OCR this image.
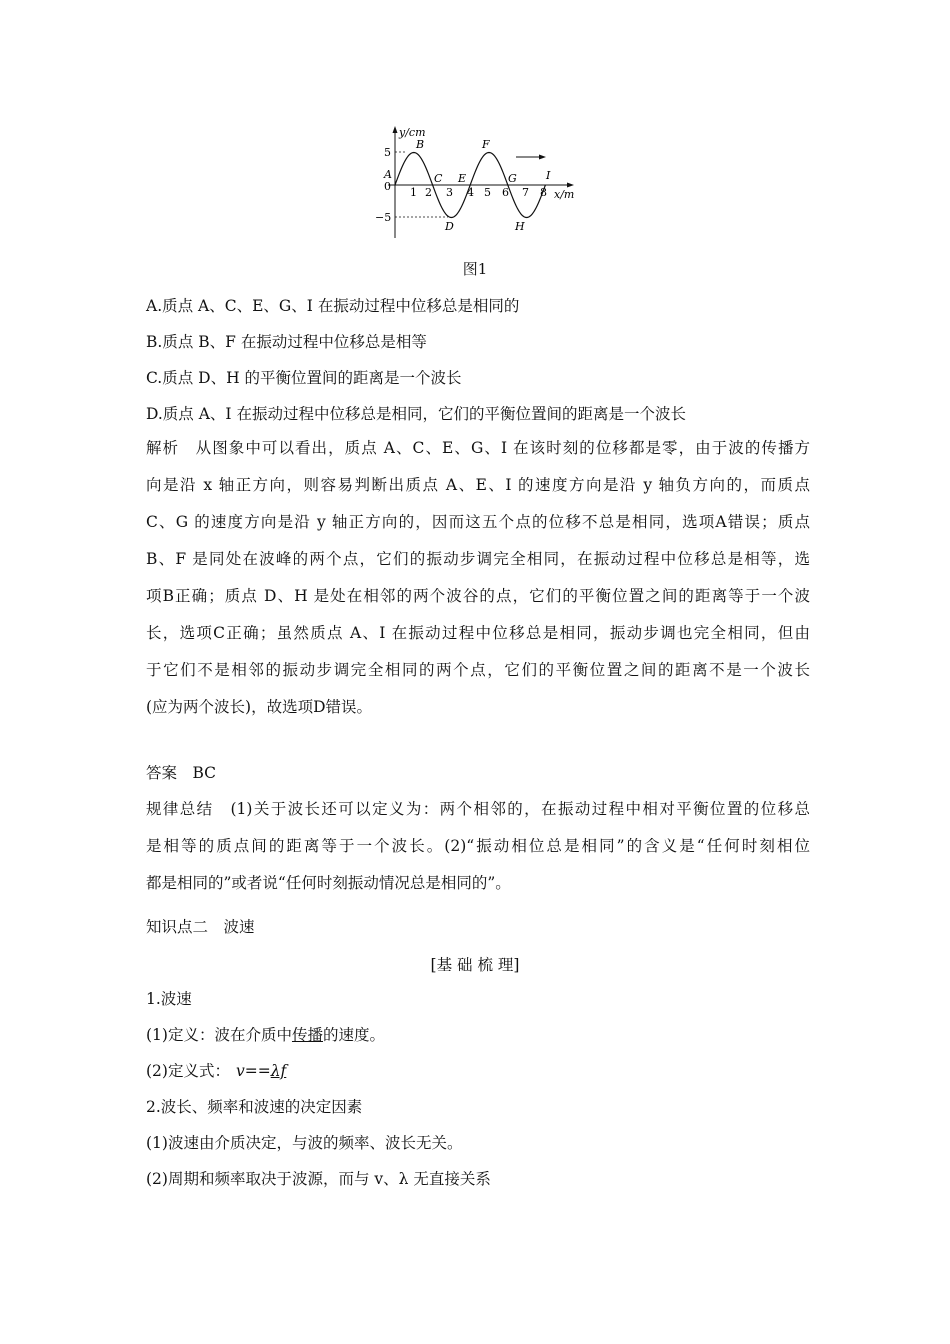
y/cm
x/m
5
0
−5
1 2 3 4 5 6 7 8
A
B
C
D
E
F
G
H
I
图1
A.质点 A、C、E、G、I 在振动过程中位移总是相同的
B.质点 B、F 在振动过程中位移总是相等
C.质点 D、H 的平衡位置间的距离是一个波长
D.质点 A、I 在振动过程中位移总是相同，它们的平衡位置间的距离是一个波长
解析　从图象中可以看出，质点 A、C、E、G、I 在该时刻的位移都是零，由于波的传播方
向是沿 x 轴正方向，则容易判断出质点 A、E、I 的速度方向是沿 y 轴负方向的，而质点
C、G 的速度方向是沿 y 轴正方向的，因而这五个点的位移不总是相同，选项A错误；质点
B、F 是同处在波峰的两个点，它们的振动步调完全相同，在振动过程中位移总是相等，选
项B正确；质点 D、H 是处在相邻的两个波谷的点，它们的平衡位置之间的距离等于一个波
长，选项C正确；虽然质点 A、I 在振动过程中位移总是相同，振动步调也完全相同，但由
于它们不是相邻的振动步调完全相同的两个点，它们的平衡位置之间的距离不是一个波长
(应为两个波长)，故选项D错误。
答案　BC
规律总结　(1)关于波长还可以定义为：两个相邻的，在振动过程中相对平衡位置的位移总
是相等的质点间的距离等于一个波长。(2)“振动相位总是相同”的含义是“任何时刻相位
都是相同的”或者说“任何时刻振动情况总是相同的”。
知识点二　波速
[基 础 梳 理]
1.波速
(1)定义：波在介质中传播的速度。
(2)定义式： v==λf
2.波长、频率和波速的决定因素
(1)波速由介质决定，与波的频率、波长无关。
(2)周期和频率取决于波源，而与 v、λ 无直接关系
